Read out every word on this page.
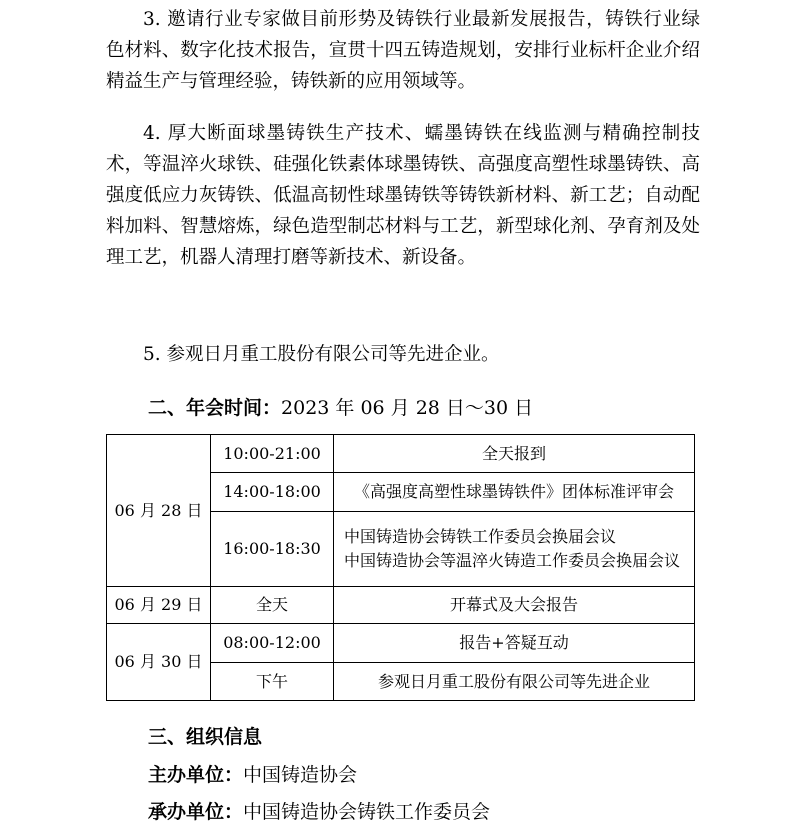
3. 邀请行业专家做目前形势及铸铁行业最新发展报告，铸铁行业绿色材料、数字化技术报告，宣贯十四五铸造规划，安排行业标杆企业介绍精益生产与管理经验，铸铁新的应用领域等。

4. 厚大断面球墨铸铁生产技术、蠕墨铸铁在线监测与精确控制技术，等温淬火球铁、硅强化铁素体球墨铸铁、高强度高塑性球墨铸铁、高强度低应力灰铸铁、低温高韧性球墨铸铁等铸铁新材料、新工艺；自动配料加料、智慧熔炼，绿色造型制芯材料与工艺，新型球化剂、孕育剂及处理工艺，机器人清理打磨等新技术、新设备。

5. 参观日月重工股份有限公司等先进企业。

二、年会时间：2023 年 06 月 28 日～30 日

06 月 28 日	10:00-21:00	全天报到
	14:00-18:00	《高强度高塑性球墨铸铁件》团体标准评审会
	16:00-18:30	中国铸造协会铸铁工作委员会换届会议
中国铸造协会等温淬火铸造工作委员会换届会议

06 月 29 日	全天	开幕式及大会报告
06 月 30 日	08:00-12:00	报告+答疑互动
	下午	参观日月重工股份有限公司等先进企业

三、组织信息

主办单位：中国铸造协会

承办单位：中国铸造协会铸铁工作委员会
